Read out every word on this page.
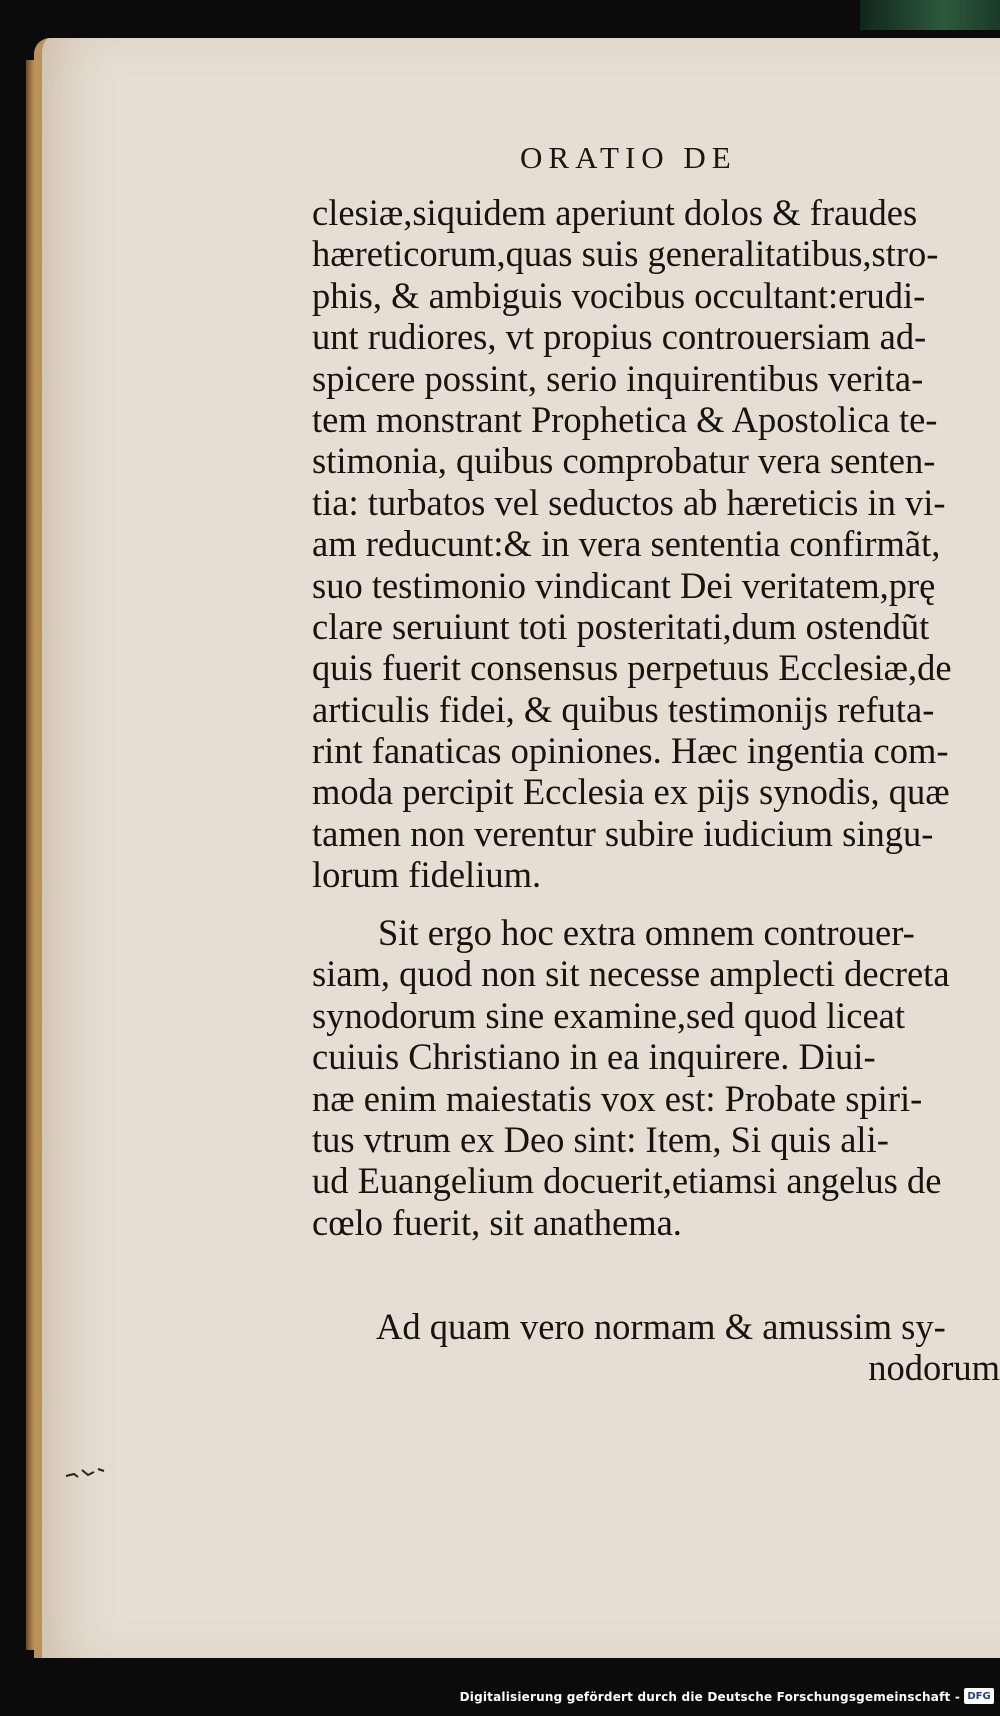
ORATIO DE
clesiæ,siquidem aperiunt dolos & fraudes
hæreticorum,quas suis generalitatibus,stro-
phis, & ambiguis vocibus occultant:erudi-
unt rudiores, vt propius controuersiam ad-
spicere possint, serio inquirentibus verita-
tem monstrant Prophetica & Apostolica te-
stimonia, quibus comprobatur vera senten-
tia: turbatos vel seductos ab hæreticis in vi-
am reducunt:& in vera sententia confirmãt,
suo testimonio vindicant Dei veritatem,prę
clare seruiunt toti posteritati,dum ostendũt
quis fuerit consensus perpetuus Ecclesiæ,de
articulis fidei, & quibus testimonijs refuta-
rint fanaticas opiniones. Hæc ingentia com-
moda percipit Ecclesia ex pijs synodis, quæ
tamen non verentur subire iudicium singu-
lorum fidelium.
Sit ergo hoc extra omnem controuer-
siam, quod non sit necesse amplecti decreta
synodorum sine examine,sed quod liceat
cuiuis Christiano in ea inquirere. Diui-
næ enim maiestatis vox est: Probate spiri-
tus vtrum ex Deo sint: Item, Si quis ali-
ud Euangelium docuerit,etiamsi angelus de
cœlo fuerit, sit anathema.
Ad quam vero normam & amussim sy-
nodorum
Digitalisierung gefördert durch die Deutsche Forschungsgemeinschaft - DFG
